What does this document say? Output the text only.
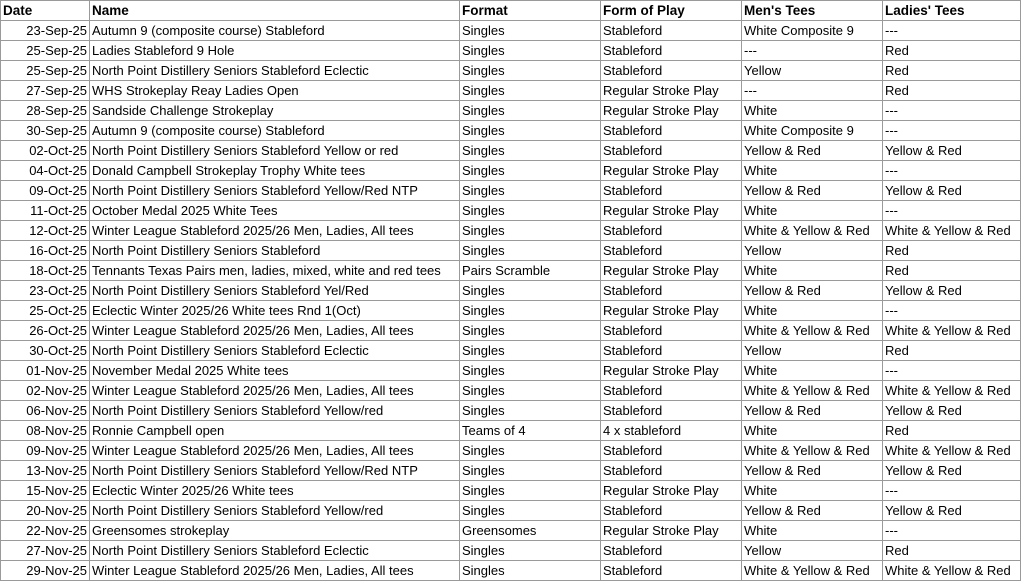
Date	Name	Format	Form of Play	Men's Tees	Ladies' Tees
23-Sep-25	Autumn 9 (composite course) Stableford	Singles	Stableford	White Composite 9	---
25-Sep-25	Ladies Stableford 9 Hole	Singles	Stableford	---	Red
25-Sep-25	North Point Distillery Seniors Stableford Eclectic	Singles	Stableford	Yellow	Red
27-Sep-25	WHS Strokeplay Reay Ladies Open	Singles	Regular Stroke Play	---	Red
28-Sep-25	Sandside Challenge Strokeplay	Singles	Regular Stroke Play	White	---
30-Sep-25	Autumn 9 (composite course) Stableford	Singles	Stableford	White Composite 9	---
02-Oct-25	North Point Distillery Seniors Stableford Yellow or red	Singles	Stableford	Yellow & Red	Yellow & Red
04-Oct-25	Donald Campbell Strokeplay Trophy White tees	Singles	Regular Stroke Play	White	---
09-Oct-25	North Point Distillery Seniors Stableford Yellow/Red NTP	Singles	Stableford	Yellow & Red	Yellow & Red
11-Oct-25	October Medal 2025 White Tees	Singles	Regular Stroke Play	White	---
12-Oct-25	Winter League Stableford 2025/26 Men, Ladies, All tees	Singles	Stableford	White & Yellow & Red	White & Yellow & Red
16-Oct-25	North Point Distillery Seniors Stableford	Singles	Stableford	Yellow	Red
18-Oct-25	Tennants Texas Pairs men, ladies, mixed, white and red tees	Pairs Scramble	Regular Stroke Play	White	Red
23-Oct-25	North Point Distillery Seniors Stableford Yel/Red	Singles	Stableford	Yellow & Red	Yellow & Red
25-Oct-25	Eclectic Winter 2025/26 White tees Rnd 1(Oct)	Singles	Regular Stroke Play	White	---
26-Oct-25	Winter League Stableford 2025/26 Men, Ladies, All tees	Singles	Stableford	White & Yellow & Red	White & Yellow & Red
30-Oct-25	North Point Distillery Seniors Stableford Eclectic	Singles	Stableford	Yellow	Red
01-Nov-25	November Medal 2025 White tees	Singles	Regular Stroke Play	White	---
02-Nov-25	Winter League Stableford 2025/26 Men, Ladies, All tees	Singles	Stableford	White & Yellow & Red	White & Yellow & Red
06-Nov-25	North Point Distillery Seniors Stableford Yellow/red	Singles	Stableford	Yellow & Red	Yellow & Red
08-Nov-25	Ronnie Campbell open	Teams of 4	4 x stableford	White	Red
09-Nov-25	Winter League Stableford 2025/26 Men, Ladies, All tees	Singles	Stableford	White & Yellow & Red	White & Yellow & Red
13-Nov-25	North Point Distillery Seniors Stableford Yellow/Red NTP	Singles	Stableford	Yellow & Red	Yellow & Red
15-Nov-25	Eclectic Winter 2025/26 White tees	Singles	Regular Stroke Play	White	---
20-Nov-25	North Point Distillery Seniors Stableford Yellow/red	Singles	Stableford	Yellow & Red	Yellow & Red
22-Nov-25	Greensomes strokeplay	Greensomes	Regular Stroke Play	White	---
27-Nov-25	North Point Distillery Seniors Stableford Eclectic	Singles	Stableford	Yellow	Red
29-Nov-25	Winter League Stableford 2025/26 Men, Ladies, All tees	Singles	Stableford	White & Yellow & Red	White & Yellow & Red
